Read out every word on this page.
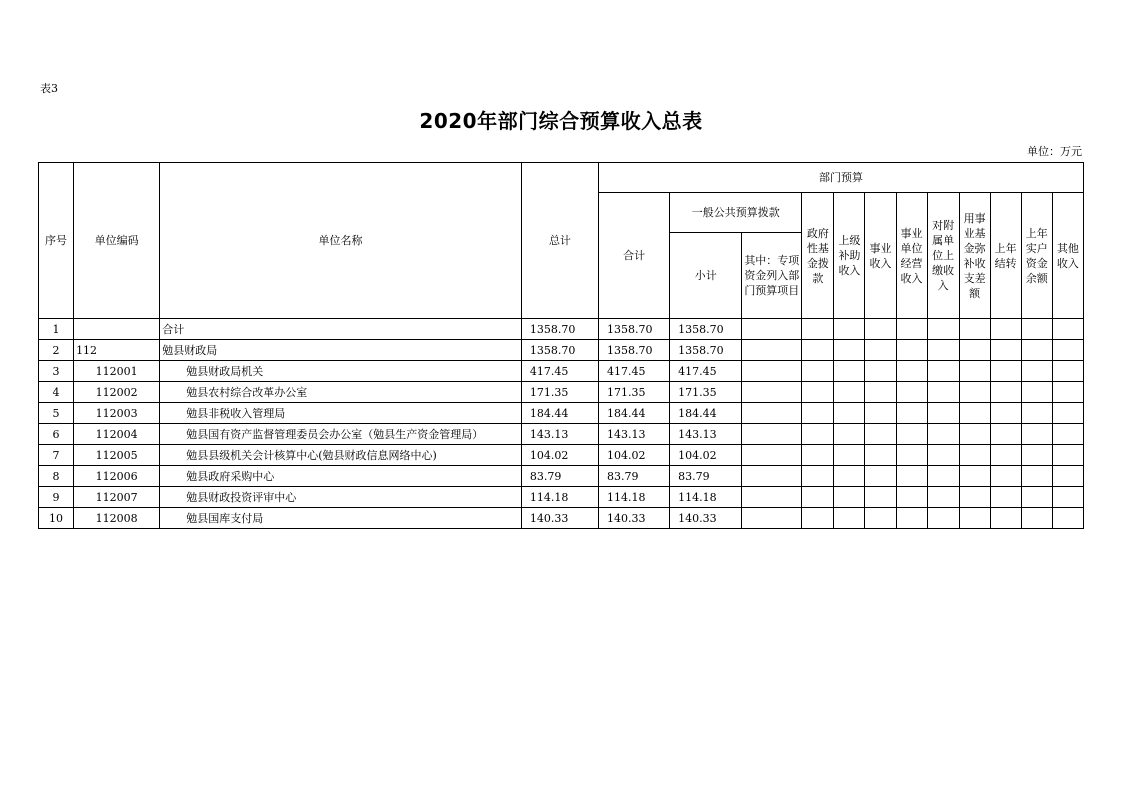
表3
2020年部门综合预算收入总表
单位：万元
序号	单位编码	单位名称	总计	部门预算											
				合计	一般公共预算拨款		政府性基金拨款	上级补助收入	事业收入	事业单位经营收入	对附属单位上缴收入	用事业基金弥补收支差额	上年结转	上年实户资金余额	其他收入
					小计	其中：专项资金列入部门预算项目									
1		合计	1358.70	1358.70	1358.70										
2	112	勉县财政局	1358.70	1358.70	1358.70										
3	112001	勉县财政局机关	417.45	417.45	417.45										
4	112002	勉县农村综合改革办公室	171.35	171.35	171.35										
5	112003	勉县非税收入管理局	184.44	184.44	184.44										
6	112004	勉县国有资产监督管理委员会办公室（勉县生产资金管理局）	143.13	143.13	143.13										
7	112005	勉县县级机关会计核算中心(勉县财政信息网络中心)	104.02	104.02	104.02										
8	112006	勉县政府采购中心	83.79	83.79	83.79										
9	112007	勉县财政投资评审中心	114.18	114.18	114.18										
10	112008	勉县国库支付局	140.33	140.33	140.33										
